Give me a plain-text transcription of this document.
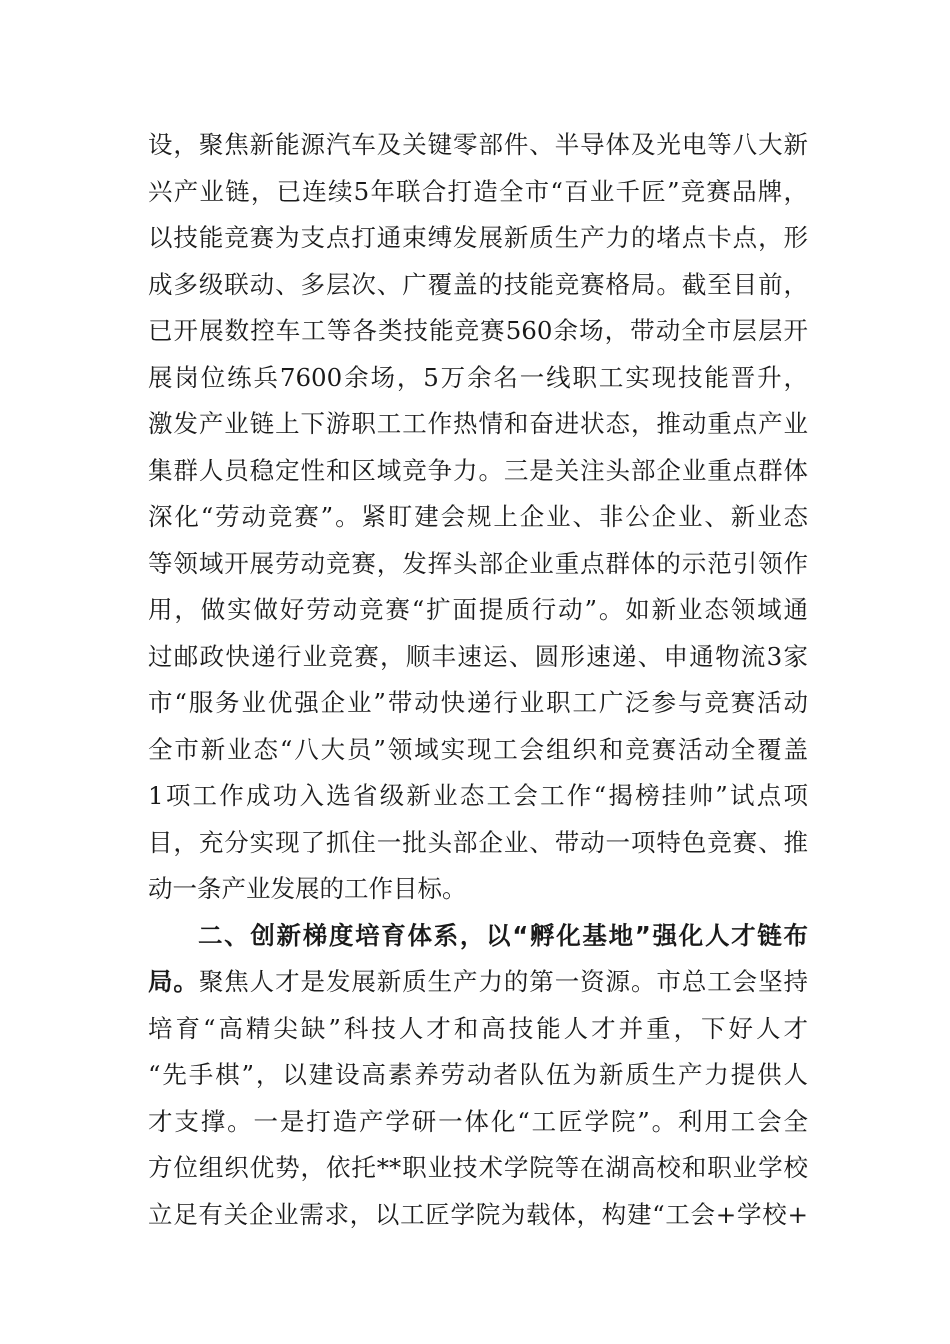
设，聚焦新能源汽车及关键零部件、半导体及光电等八大新
兴产业链，已连续5年联合打造全市“百业千匠”竞赛品牌，
以技能竞赛为支点打通束缚发展新质生产力的堵点卡点，形
成多级联动、多层次、广覆盖的技能竞赛格局。截至目前，
已开展数控车工等各类技能竞赛560余场，带动全市层层开
展岗位练兵7600余场，5万余名一线职工实现技能晋升，
激发产业链上下游职工工作热情和奋进状态，推动重点产业
集群人员稳定性和区域竞争力。三是关注头部企业重点群体
深化“劳动竞赛”。紧盯建会规上企业、非公企业、新业态
等领域开展劳动竞赛，发挥头部企业重点群体的示范引领作
用，做实做好劳动竞赛“扩面提质行动”。如新业态领域通
过邮政快递行业竞赛，顺丰速运、圆形速递、申通物流3家
市“服务业优强企业”带动快递行业职工广泛参与竞赛活动
全市新业态“八大员”领域实现工会组织和竞赛活动全覆盖
1项工作成功入选省级新业态工会工作“揭榜挂帅”试点项
目，充分实现了抓住一批头部企业、带动一项特色竞赛、推
动一条产业发展的工作目标。
二、创新梯度培育体系，以“孵化基地”强化人才链布
局。聚焦人才是发展新质生产力的第一资源。市总工会坚持
培育“高精尖缺”科技人才和高技能人才并重，下好人才
“先手棋”，以建设高素养劳动者队伍为新质生产力提供人
才支撑。一是打造产学研一体化“工匠学院”。利用工会全
方位组织优势，依托**职业技术学院等在湖高校和职业学校
立足有关企业需求，以工匠学院为载体，构建“工会+学校+
